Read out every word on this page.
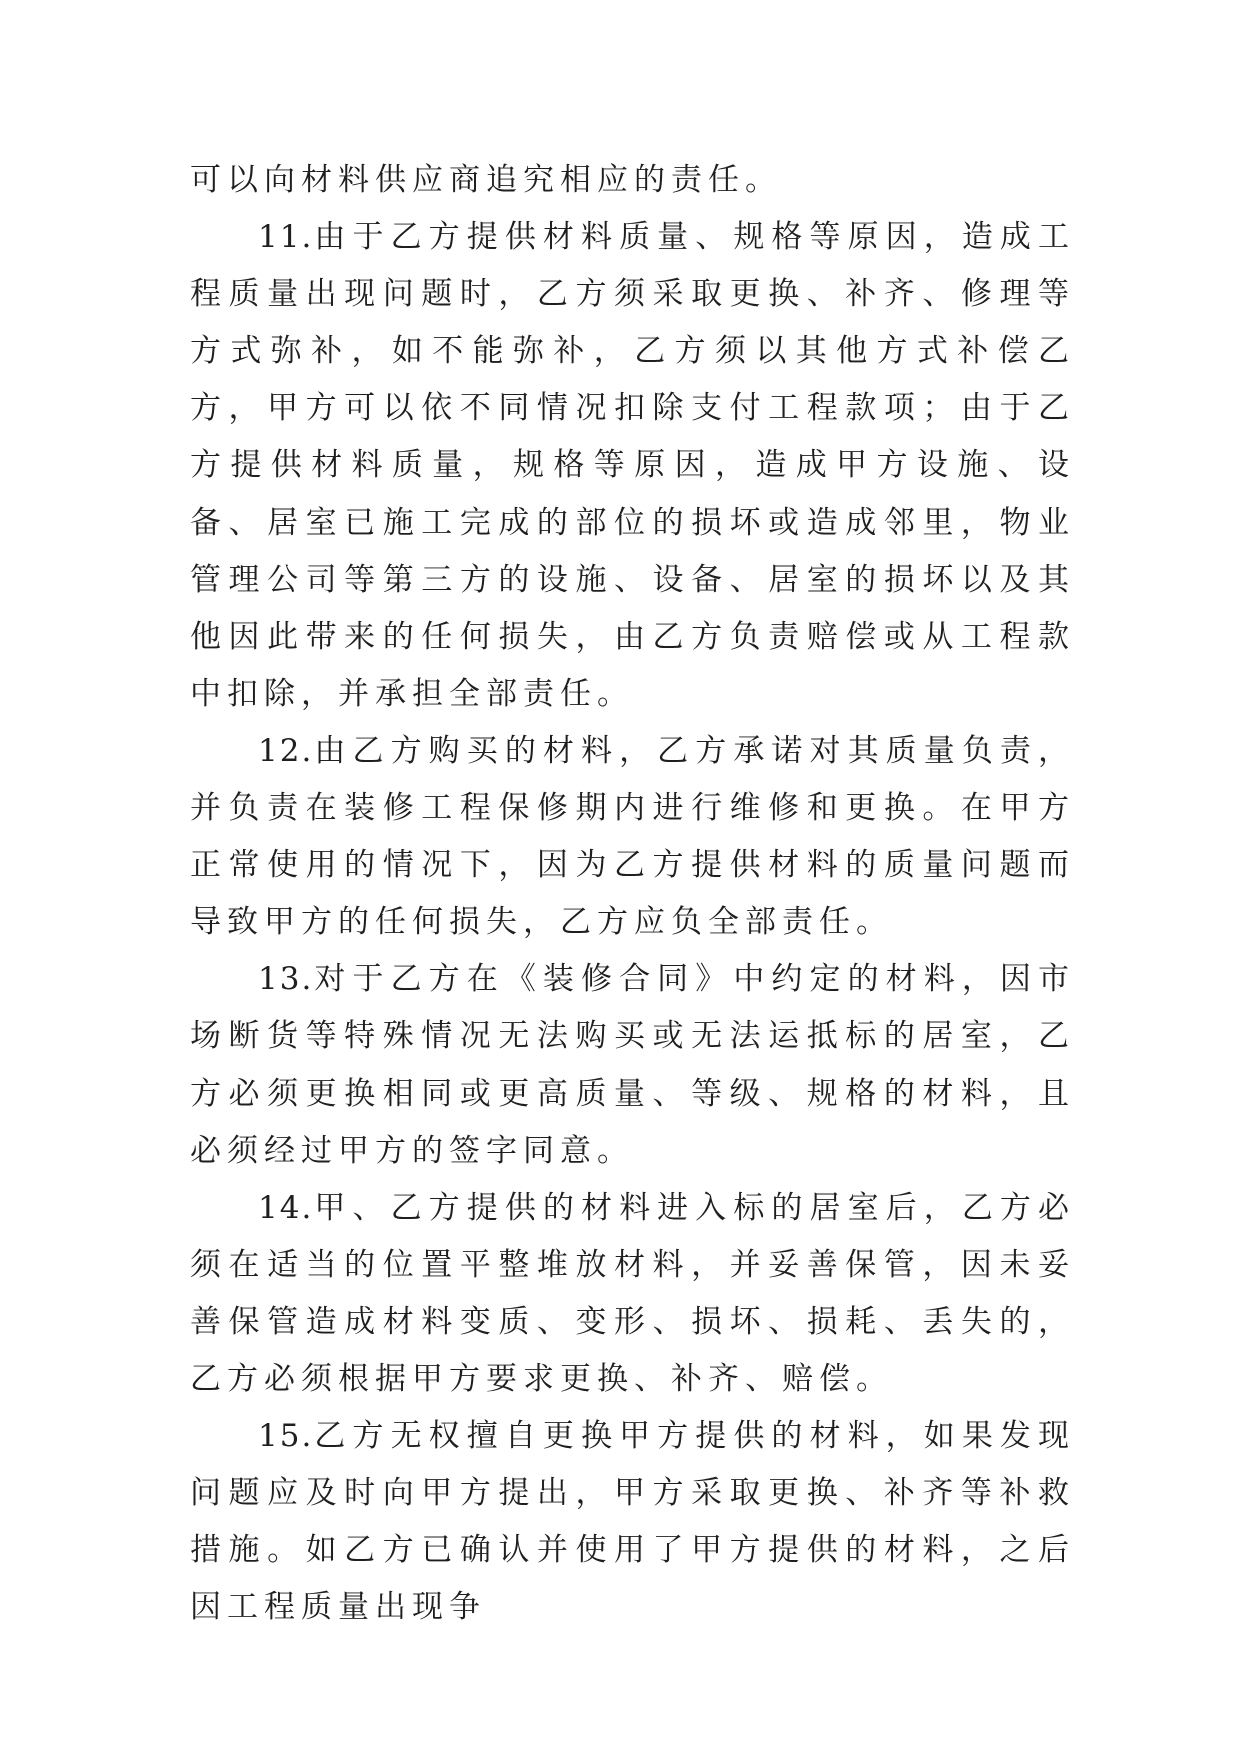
可以向材料供应商追究相应的责任。

11.由于乙方提供材料质量、规格等原因，造成工程质量出现问题时，乙方须采取更换、补齐、修理等方式弥补，如不能弥补，乙方须以其他方式补偿乙方，甲方可以依不同情况扣除支付工程款项；由于乙方提供材料质量，规格等原因，造成甲方设施、设备、居室已施工完成的部位的损坏或造成邻里，物业管理公司等第三方的设施、设备、居室的损坏以及其他因此带来的任何损失，由乙方负责赔偿或从工程款中扣除，并承担全部责任。

12.由乙方购买的材料，乙方承诺对其质量负责，并负责在装修工程保修期内进行维修和更换。在甲方正常使用的情况下，因为乙方提供材料的质量问题而导致甲方的任何损失，乙方应负全部责任。

13.对于乙方在《装修合同》中约定的材料，因市场断货等特殊情况无法购买或无法运抵标的居室，乙方必须更换相同或更高质量、等级、规格的材料，且必须经过甲方的签字同意。

14.甲、乙方提供的材料进入标的居室后，乙方必须在适当的位置平整堆放材料，并妥善保管，因未妥善保管造成材料变质、变形、损坏、损耗、丢失的，乙方必须根据甲方要求更换、补齐、赔偿。

15.乙方无权擅自更换甲方提供的材料，如果发现问题应及时向甲方提出，甲方采取更换、补齐等补救措施。如乙方已确认并使用了甲方提供的材料，之后因工程质量出现争
